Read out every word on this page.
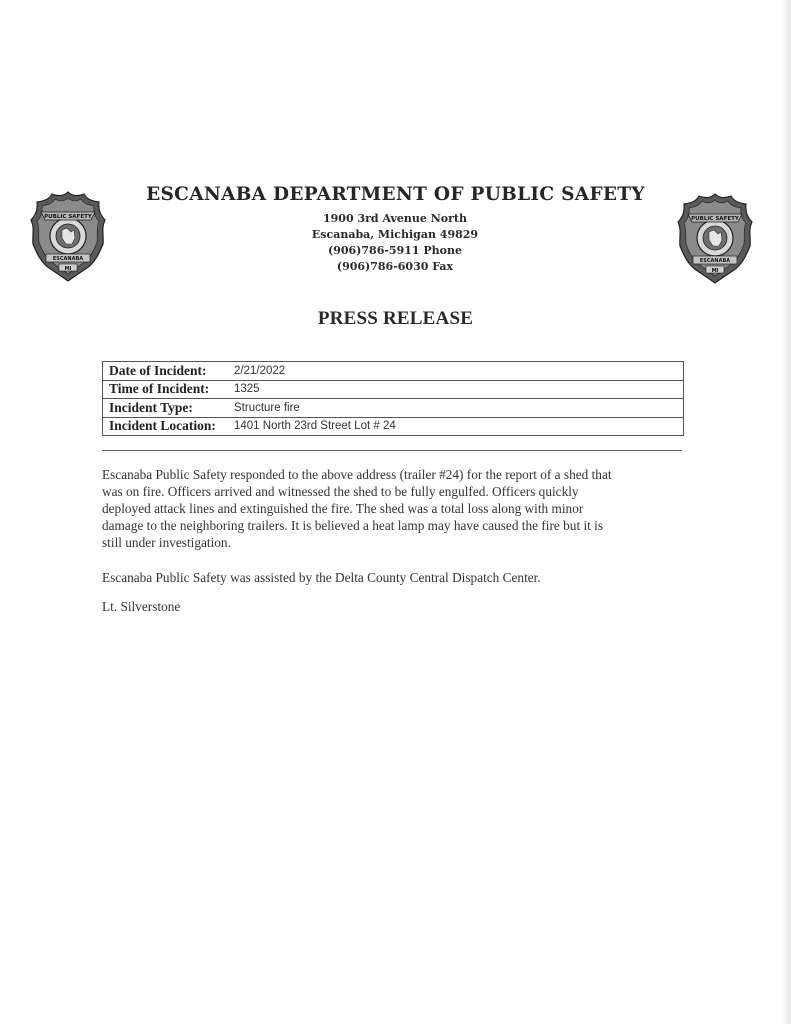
PUBLIC SAFETY
ESCANABA
MI
PUBLIC SAFETY
ESCANABA
MI
ESCANABA DEPARTMENT OF PUBLIC SAFETY
1900 3rd Avenue North
Escanaba, Michigan 49829
(906)786-5911 Phone
(906)786-6030 Fax
PRESS RELEASE
Date of Incident:	2/21/2022
Time of Incident:	1325
Incident Type:	Structure fire
Incident Location:	1401 North 23rd Street Lot # 24
Escanaba Public Safety responded to the above address (trailer #24) for the report of a shed that
was on fire. Officers arrived and witnessed the shed to be fully engulfed. Officers quickly
deployed attack lines and extinguished the fire. The shed was a total loss along with minor
damage to the neighboring trailers. It is believed a heat lamp may have caused the fire but it is
still under investigation.
Escanaba Public Safety was assisted by the Delta County Central Dispatch Center.
Lt. Silverstone
